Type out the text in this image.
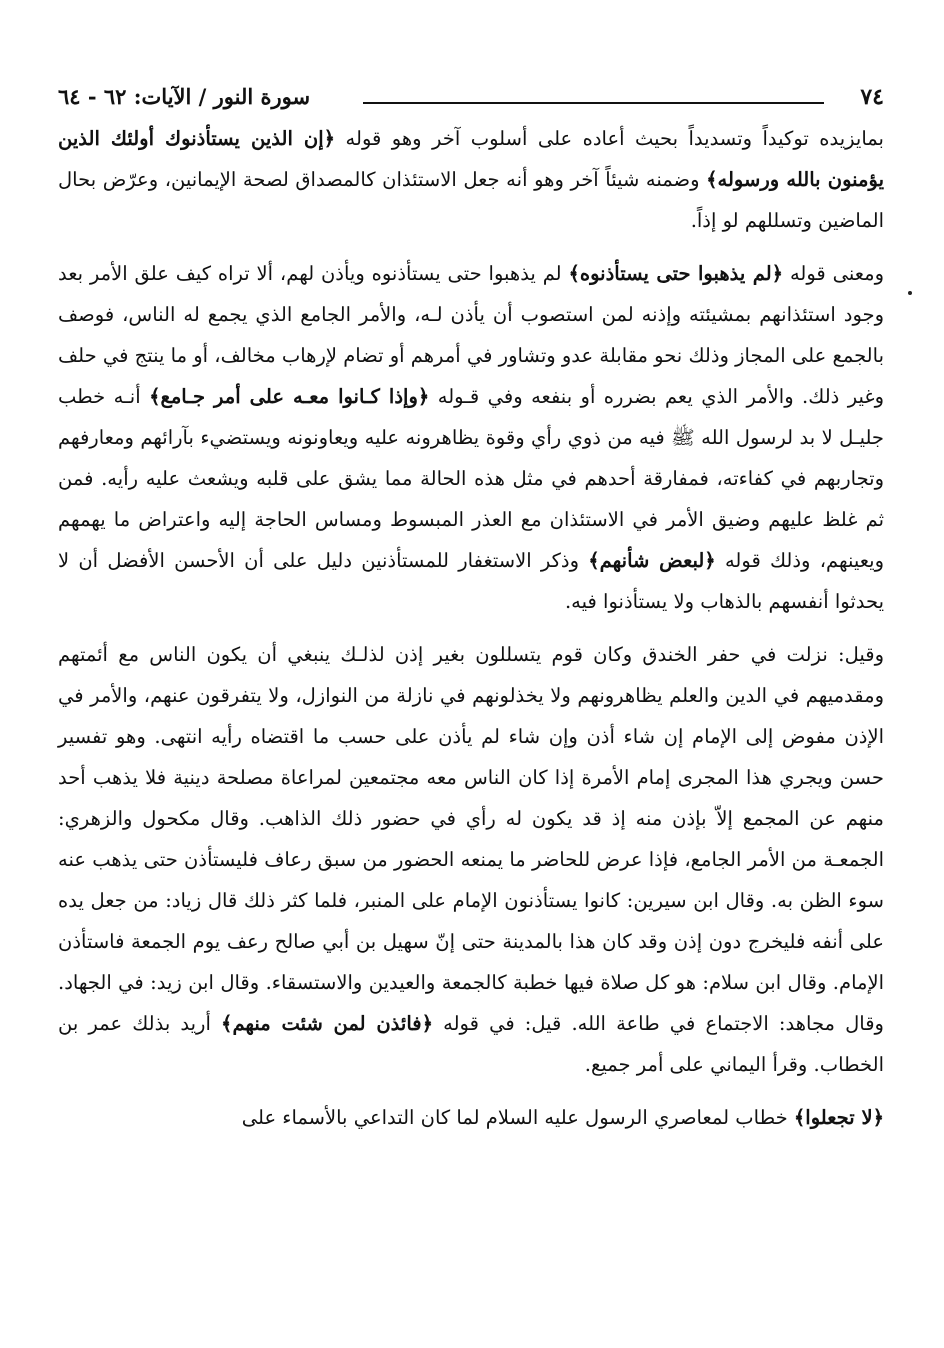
٧٤
سورة النور / الآيات: ٦٢ - ٦٤

بمايزيده توكيداً وتسديداً بحيث أعاده على أسلوب آخر وهو قوله ﴿إن الذين يستأذنوك أولئك الذين يؤمنون بالله ورسوله﴾ وضمنه شيئاً آخر وهو أنه جعل الاستئذان كالمصداق لصحة الإيمانين، وعرّض بحال الماضين وتسللهم لو إذاً.

ومعنى قوله ﴿لم يذهبوا حتى يستأذنوه﴾ لم يذهبوا حتى يستأذنوه ويأذن لهم، ألا تراه كيف علق الأمر بعد وجود استئذانهم بمشيئته وإذنه لمن استصوب أن يأذن لـه، والأمر الجامع الذي يجمع له الناس، فوصف بالجمع على المجاز وذلك نحو مقابلة عدو وتشاور في أمرهم أو تضام لإرهاب مخالف، أو ما ينتج في حلف وغير ذلك. والأمر الذي يعم بضرره أو بنفعه وفي قـوله ﴿وإذا كـانوا معـه على أمر جـامع﴾ أنـه خطب جليـل لا بد لرسول الله ﷺ فيه من ذوي رأي وقوة يظاهرونه عليه ويعاونونه ويستضيء بآرائهم ومعارفهم وتجاربهم في كفاءته، فمفارقة أحدهم في مثل هذه الحالة مما يشق على قلبه ويشعث عليه رأيه. فمن ثم غلظ عليهم وضيق الأمر في الاستئذان مع العذر المبسوط ومساس الحاجة إليه واعتراض ما يهمهم ويعينهم، وذلك قوله ﴿لبعض شأنهم﴾ وذكر الاستغفار للمستأذنين دليل على أن الأحسن الأفضل أن لا يحدثوا أنفسهم بالذهاب ولا يستأذنوا فيه.

وقيل: نزلت في حفر الخندق وكان قوم يتسللون بغير إذن لذلـك ينبغي أن يكون الناس مع أئمتهم ومقدميهم في الدين والعلم يظاهرونهم ولا يخذلونهم في نازلة من النوازل، ولا يتفرقون عنهم، والأمر في الإذن مفوض إلى الإمام إن شاء أذن وإن شاء لم يأذن على حسب ما اقتضاه رأيه انتهى. وهو تفسير حسن ويجري هذا المجرى إمام الأمرة إذا كان الناس معه مجتمعين لمراعاة مصلحة دينية فلا يذهب أحد منهم عن المجمع إلاّ بإذن منه إذ قد يكون له رأي في حضور ذلك الذاهب. وقال مكحول والزهري: الجمعـة من الأمر الجامع، فإذا عرض للحاضر ما يمنعه الحضور من سبق رعاف فليستأذن حتى يذهب عنه سوء الظن به. وقال ابن سيرين: كانوا يستأذنون الإمام على المنبر، فلما كثر ذلك قال زياد: من جعل يده على أنفه فليخرج دون إذن وقد كان هذا بالمدينة حتى إنّ سهيل بن أبي صالح رعف يوم الجمعة فاستأذن الإمام. وقال ابن سلام: هو كل صلاة فيها خطبة كالجمعة والعيدين والاستسقاء. وقال ابن زيد: في الجهاد. وقال مجاهد: الاجتماع في طاعة الله. قيل: في قوله ﴿فائذن لمن شئت منهم﴾ أريد بذلك عمر بن الخطاب. وقرأ اليماني على أمر جميع.

﴿لا تجعلوا﴾ خطاب لمعاصري الرسول عليه السلام لما كان التداعي بالأسماء على
